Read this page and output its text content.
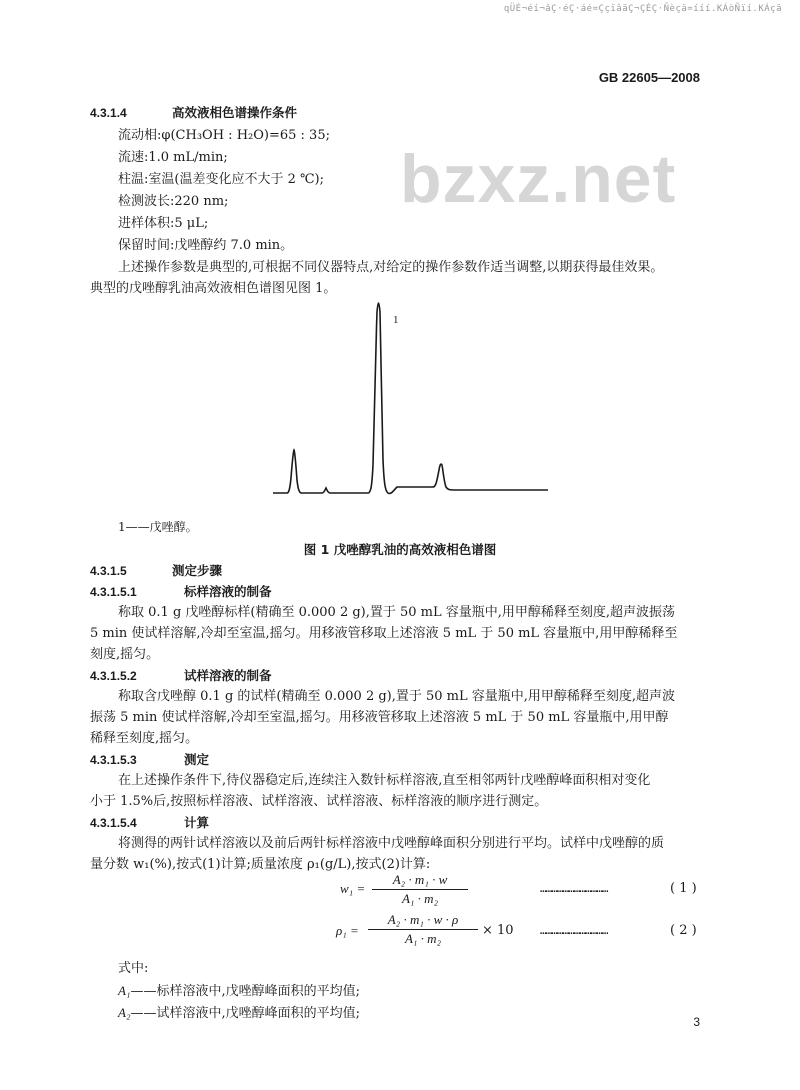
qÜÉ¬éí¬âÇ·éÇ·áé=ÇçïâäÇ¬ÇÉÇ·Ñèçä=ííí.KÁòÑïí.KÁçä
GB 22605—2008
bzxz.net
4.3.1.4	高效液相色谱操作条件
流动相:φ(CH₃OH : H₂O)=65 : 35;
流速:1.0 mL/min;
柱温:室温(温差变化应不大于 2 ℃);
检测波长:220 nm;
进样体积:5 μL;
保留时间:戊唑醇约 7.0 min。
上述操作参数是典型的,可根据不同仪器特点,对给定的操作参数作适当调整,以期获得最佳效果。
典型的戊唑醇乳油高效液相色谱图见图 1。
1
1——戊唑醇。
图 1 戊唑醇乳油的高效液相色谱图
4.3.1.5	测定步骤
4.3.1.5.1	标样溶液的制备
称取 0.1 g 戊唑醇标样(精确至 0.000 2 g),置于 50 mL 容量瓶中,用甲醇稀释至刻度,超声波振荡
5 min 使试样溶解,冷却至室温,摇匀。用移液管移取上述溶液 5 mL 于 50 mL 容量瓶中,用甲醇稀释至
刻度,摇匀。
4.3.1.5.2	试样溶液的制备
称取含戊唑醇 0.1 g 的试样(精确至 0.000 2 g),置于 50 mL 容量瓶中,用甲醇稀释至刻度,超声波
振荡 5 min 使试样溶解,冷却至室温,摇匀。用移液管移取上述溶液 5 mL 于 50 mL 容量瓶中,用甲醇
稀释至刻度,摇匀。
4.3.1.5.3	测定
在上述操作条件下,待仪器稳定后,连续注入数针标样溶液,直至相邻两针戊唑醇峰面积相对变化
小于 1.5%后,按照标样溶液、试样溶液、试样溶液、标样溶液的顺序进行测定。
4.3.1.5.4	计算
将测得的两针试样溶液以及前后两针标样溶液中戊唑醇峰面积分别进行平均。试样中戊唑醇的质
量分数 w₁(%),按式(1)计算;质量浓度 ρ₁(g/L),按式(2)计算:
w₁ =
A₂ · m₁ · w
A₁ · m₂
………………………………	( 1 )
ρ₁ =
A₂ · m₁ · w · ρ
A₁ · m₂
× 10 ………………………………	( 2 )
式中:
A₁——标样溶液中,戊唑醇峰面积的平均值;
A₂——试样溶液中,戊唑醇峰面积的平均值;
3
